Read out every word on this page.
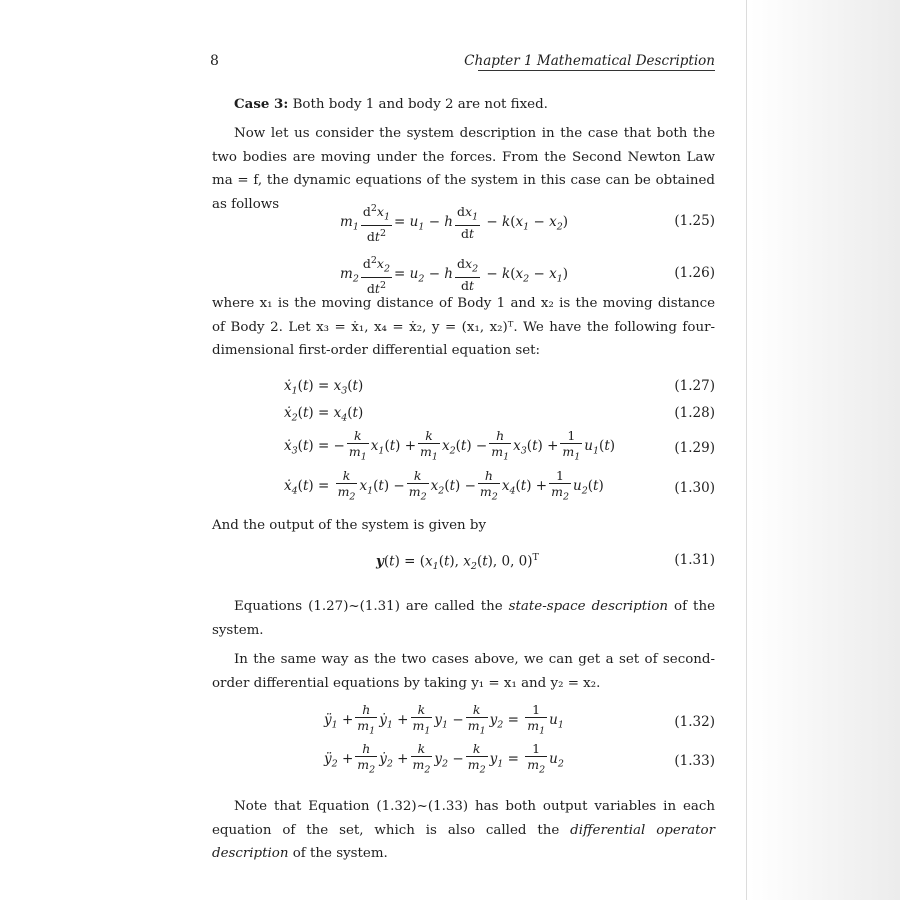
8	Chapter 1 Mathematical Description

Case 3: Both body 1 and body 2 are not fixed.

Now let us consider the system description in the case that both the two bodies are moving under the forces. From the Second Newton Law ma = f, the dynamic equations of the system in this case can be obtained as follows

$m_1 \frac{d^2x_1}{dt^2} = u_1 - h \frac{dx_1}{dt} - k(x_1 - x_2)$	(1.25)
$m_2 \frac{d^2x_2}{dt^2} = u_2 - h \frac{dx_2}{dt} - k(x_2 - x_1)$	(1.26)

where x₁ is the moving distance of Body 1 and x₂ is the moving distance of Body 2. Let x₃ = ẋ₁, x₄ = ẋ₂, y = (x₁, x₂)ᵀ. We have the following four-dimensional first-order differential equation set:

ẋ$_1$(t) = $x_3(t)$	(1.27)
ẋ$_2$(t) = $x_4(t)$	(1.28)
ẋ$_3$(t) = − $\frac{k}{m_1} x_1(t) + \frac{k}{m_1} x_2(t) - \frac{h}{m_1} x_3(t) + \frac{1}{m_1} u_1(t)$	(1.29)
ẋ$_4$(t) = $\frac{k}{m_2} x_1(t) - \frac{k}{m_2} x_2(t) - \frac{h}{m_2} x_4(t) + \frac{1}{m_2} u_2(t)$	(1.30)

And the output of the system is given by

$y(t) = (x_1(t)$, $x_2(t)$, 0, 0)$^T$	(1.31)

Equations (1.27)~(1.31) are called the state-space description of the system.

In the same way as the two cases above, we can get a set of second-order differential equations by taking y₁ = x₁ and y₂ = x₂.

$ÿ_1 + \frac{h}{m_1}$ ẏ$_1$ + $\frac{k}{m_1} y_1 - \frac{k}{m_1} y_2 = \frac{1}{m_1} u_1$	(1.32)
$ÿ_2 + \frac{h}{m_2}$ ẏ$_2$ + $\frac{k}{m_2} y_2 - \frac{k}{m_2} y_1 = \frac{1}{m_2} u_2$	(1.33)

Note that Equation (1.32)~(1.33) has both output variables in each equation of the set, which is also called the differential operator description of the system.
